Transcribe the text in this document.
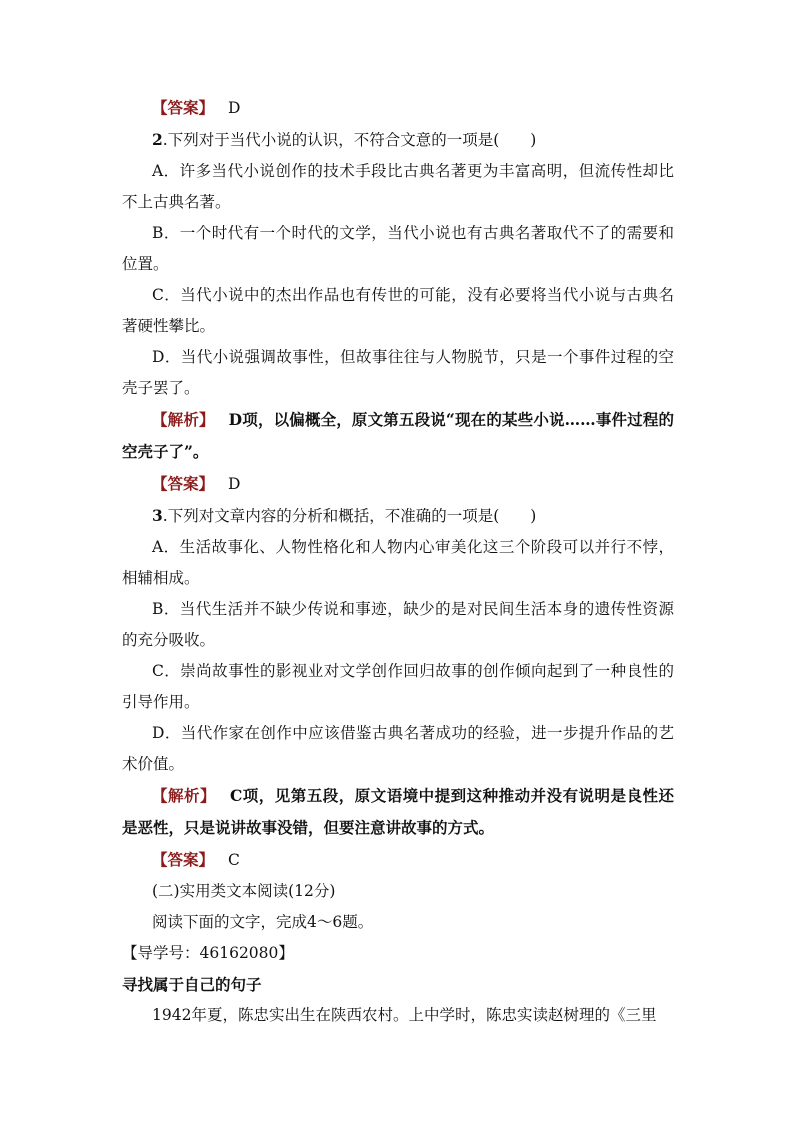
【答案】 D

2.下列对于当代小说的认识，不符合文意的一项是(　　)

A．许多当代小说创作的技术手段比古典名著更为丰富高明，但流传性却比不上古典名著。

B．一个时代有一个时代的文学，当代小说也有古典名著取代不了的需要和位置。

C．当代小说中的杰出作品也有传世的可能，没有必要将当代小说与古典名著硬性攀比。

D．当代小说强调故事性，但故事往往与人物脱节，只是一个事件过程的空壳子罢了。

【解析】 D项，以偏概全，原文第五段说“现在的某些小说……事件过程的空壳子了”。

【答案】 D

3.下列对文章内容的分析和概括，不准确的一项是(　　)

A．生活故事化、人物性格化和人物内心审美化这三个阶段可以并行不悖，相辅相成。

B．当代生活并不缺少传说和事迹，缺少的是对民间生活本身的遗传性资源的充分吸收。

C．崇尚故事性的影视业对文学创作回归故事的创作倾向起到了一种良性的引导作用。

D．当代作家在创作中应该借鉴古典名著成功的经验，进一步提升作品的艺术价值。

【解析】 C项，见第五段，原文语境中提到这种推动并没有说明是良性还是恶性，只是说讲故事没错，但要注意讲故事的方式。

【答案】 C

(二)实用类文本阅读(12分)

阅读下面的文字，完成4～6题。

【导学号：46162080】

寻找属于自己的句子

1942年夏，陈忠实出生在陕西农村。上中学时，陈忠实读赵树理的《三里
